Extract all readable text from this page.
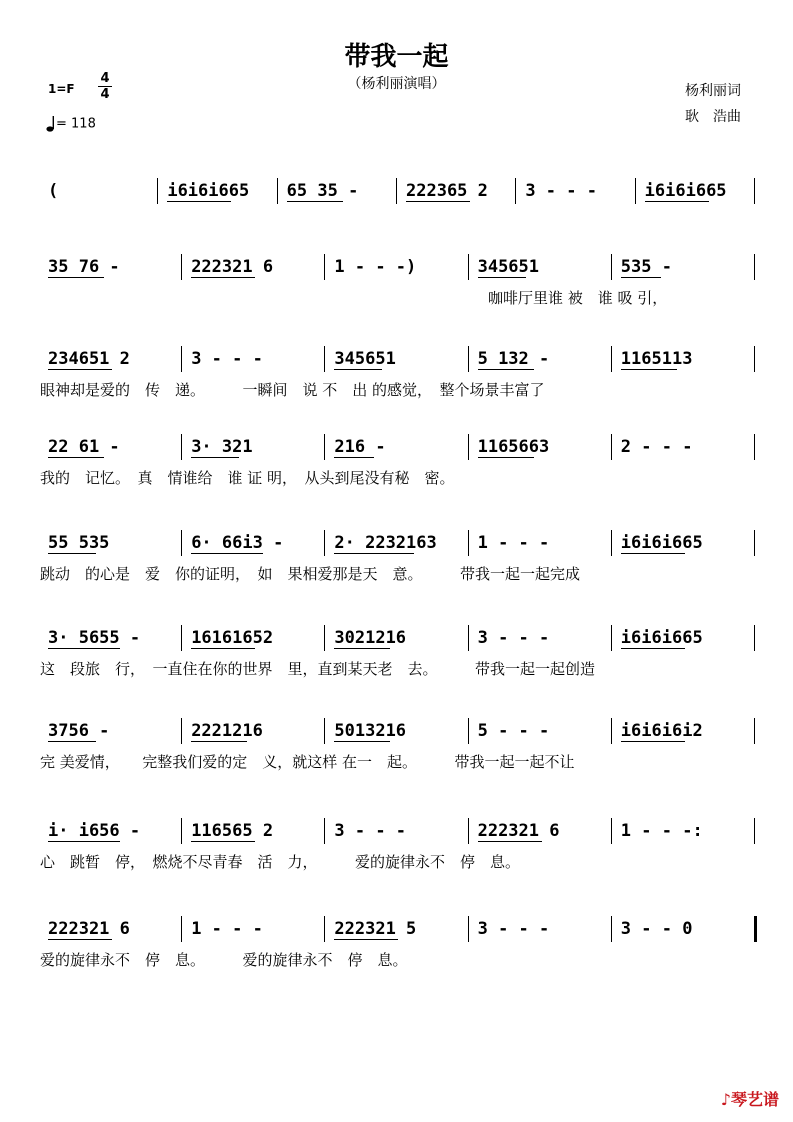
带我一起
（杨利丽演唱）
1=F
4
4
= 118
杨利丽词
耿　浩曲
(	i6i6i665 65 35 -	222365 2 3 - - -	i6i6i665
35 76 -	222321 6	1 - - -)	345651	535 -
咖啡厅里谁 被　谁 吸 引，
234651 2	3 - - -	345651	5 132 -	1165113
眼神却是爱的　传　递。　　　一瞬间　说 不　出 的感觉，　整个场景丰富了
22 61 -	3· 321	216 -	1165663	2 - - -
我的　记忆。　真　情谁给　谁 证 明，　从头到尾没有秘　密。
55 535	6· 66i3 -	2· 2232163 1 - - -	i6i6i665
跳动　的心是　爱　你的证明，　如　果相爱那是天　意。　　　带我一起一起完成
3· 5655 -	16161652	3021216	3 - - -	i6i6i665
这　段旅　行，　一直住在你的世界　里，直到某天老　去。　　　带我一起一起创造
3756 -	2221216	5013216	5 - - -	i6i6i6i2
完 美爱情，　　完整我们爱的定　义，就这样 在一　起。　　　带我一起一起不让
i· i656 -	116565 2	3 - - -	222321 6	1 - - -:
心　跳暂　停，　燃烧不尽青春　活　力，　　　爱的旋律永不　停　息。
222321 6	1 - - -	222321 5	3 - - -	3 - - 0
爱的旋律永不　停　息。　　　爱的旋律永不　停　息。
♪琴艺谱
